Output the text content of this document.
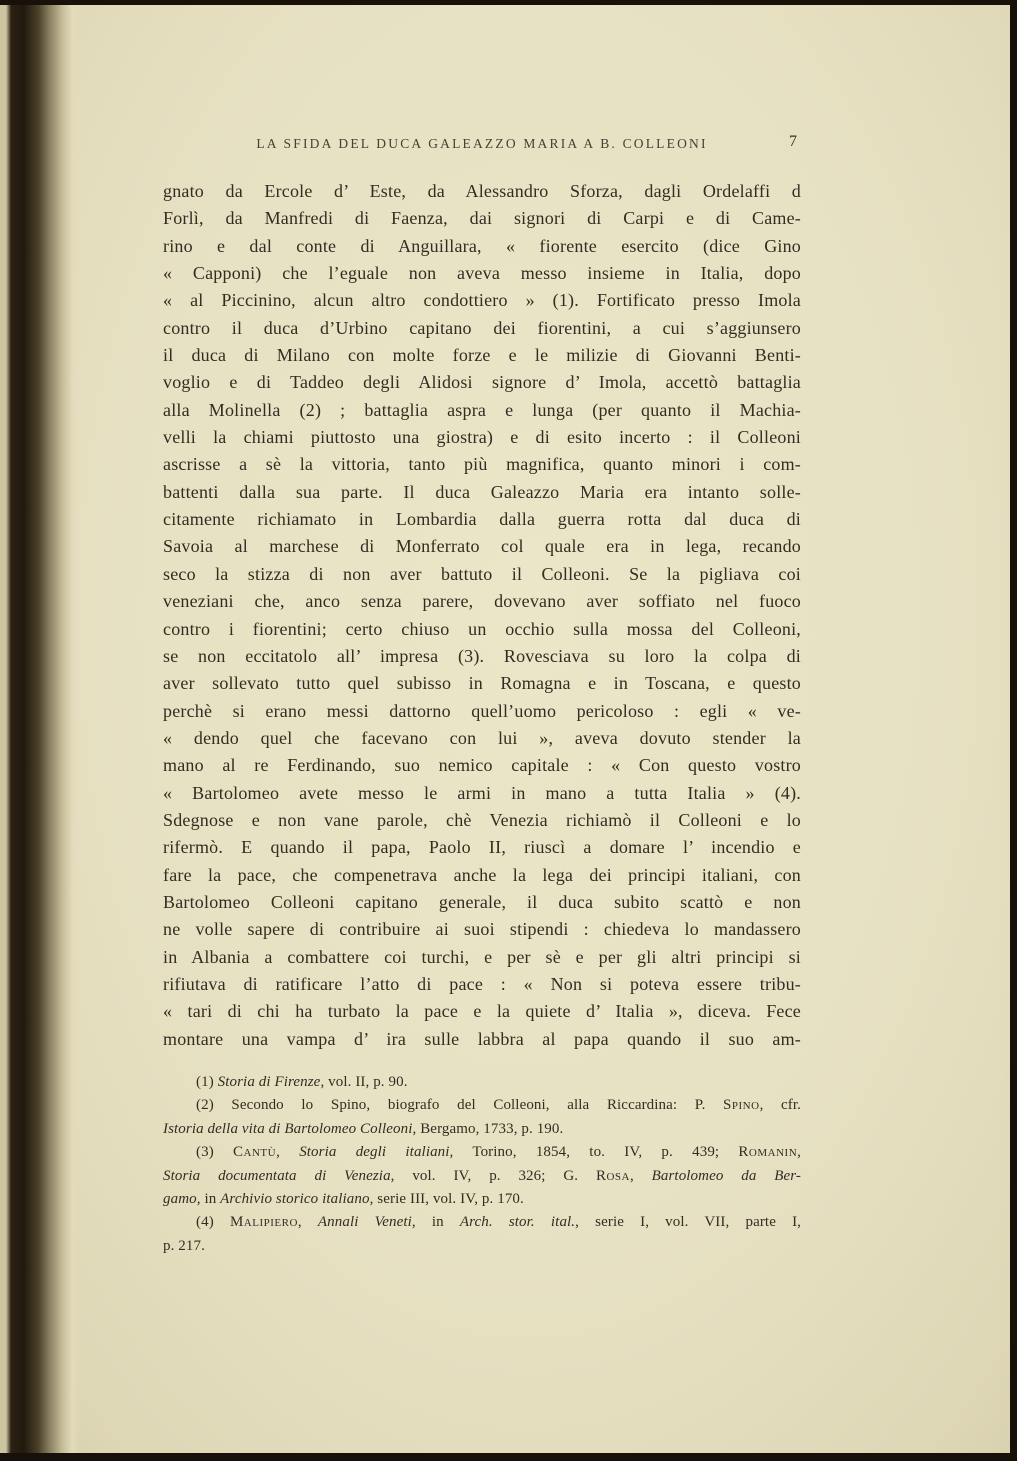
LA SFIDA DEL DUCA GALEAZZO MARIA A B. COLLEONI	7
gnato da Ercole d’ Este, da Alessandro Sforza, dagli Ordelaffi d
Forlì, da Manfredi di Faenza, dai signori di Carpi e di Came-
rino e dal conte di Anguillara, « fiorente esercito (dice Gino
« Capponi) che l’eguale non aveva messo insieme in Italia, dopo
« al Piccinino, alcun altro condottiero » (1). Fortificato presso Imola
contro il duca d’Urbino capitano dei fiorentini, a cui s’aggiunsero
il duca di Milano con molte forze e le milizie di Giovanni Benti-
voglio e di Taddeo degli Alidosi signore d’ Imola, accettò battaglia
alla Molinella (2) ; battaglia aspra e lunga (per quanto il Machia-
velli la chiami piuttosto una giostra) e di esito incerto : il Colleoni
ascrisse a sè la vittoria, tanto più magnifica, quanto minori i com-
battenti dalla sua parte. Il duca Galeazzo Maria era intanto solle-
citamente richiamato in Lombardia dalla guerra rotta dal duca di
Savoia al marchese di Monferrato col quale era in lega, recando
seco la stizza di non aver battuto il Colleoni. Se la pigliava coi
veneziani che, anco senza parere, dovevano aver soffiato nel fuoco
contro i fiorentini; certo chiuso un occhio sulla mossa del Colleoni,
se non eccitatolo all’ impresa (3). Rovesciava su loro la colpa di
aver sollevato tutto quel subisso in Romagna e in Toscana, e questo
perchè si erano messi dattorno quell’uomo pericoloso : egli « ve-
« dendo quel che facevano con lui », aveva dovuto stender la
mano al re Ferdinando, suo nemico capitale : « Con questo vostro
« Bartolomeo avete messo le armi in mano a tutta Italia » (4).
Sdegnose e non vane parole, chè Venezia richiamò il Colleoni e lo
rifermò. E quando il papa, Paolo II, riuscì a domare l’ incendio e
fare la pace, che compenetrava anche la lega dei principi italiani, con
Bartolomeo Colleoni capitano generale, il duca subito scattò e non
ne volle sapere di contribuire ai suoi stipendi : chiedeva lo mandassero
in Albania a combattere coi turchi, e per sè e per gli altri principi si
rifiutava di ratificare l’atto di pace : « Non si poteva essere tribu-
« tari di chi ha turbato la pace e la quiete d’ Italia », diceva. Fece
montare una vampa d’ ira sulle labbra al papa quando il suo am-
(1) Storia di Firenze, vol. II, p. 90.
(2) Secondo lo Spino, biografo del Colleoni, alla Riccardina: P. Spino, cfr.
Istoria della vita di Bartolomeo Colleoni, Bergamo, 1733, p. 190.
(3) Cantù, Storia degli italiani, Torino, 1854, to. IV, p. 439; Romanin,
Storia documentata di Venezia, vol. IV, p. 326; G. Rosa, Bartolomeo da Ber-
gamo, in Archivio storico italiano, serie III, vol. IV, p. 170.
(4) Malipiero, Annali Veneti, in Arch. stor. ital., serie I, vol. VII, parte I,
p. 217.
